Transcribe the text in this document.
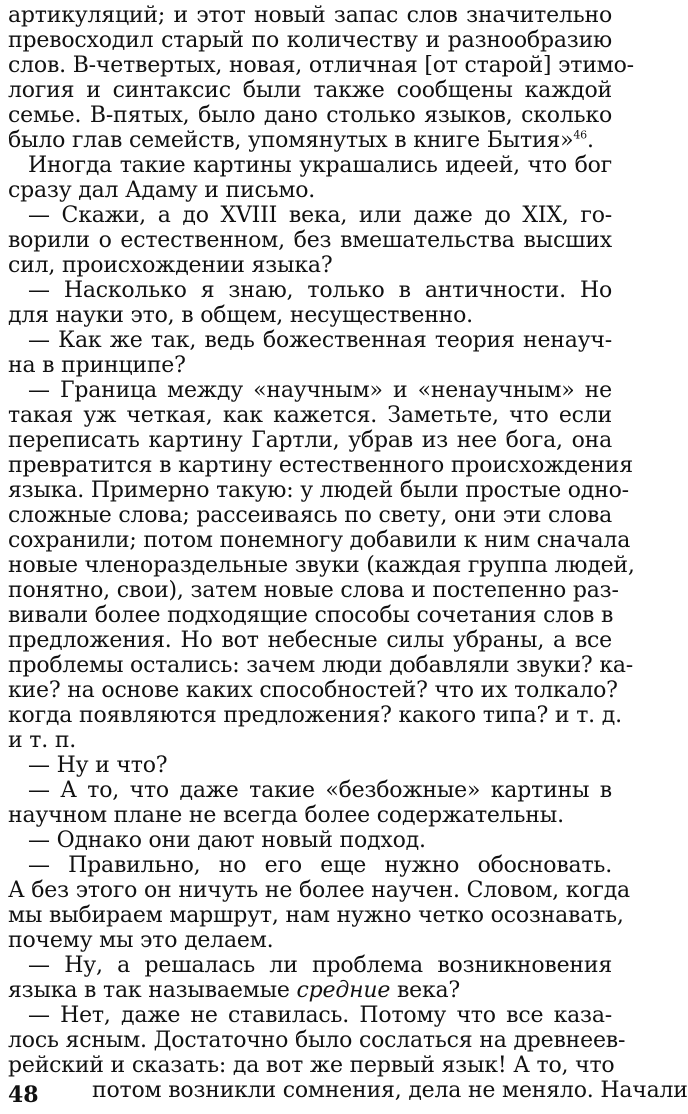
артикуляций; и этот новый запас слов значительно
превосходил старый по количеству и разнообразию
слов. В-четвертых, новая, отличная [от старой] этимо-
логия и синтаксис были также сообщены каждой
семье. В-пятых, было дано столько языков, сколько
было глав семейств, упомянутых в книге Бытия»$^{46}$.
Иногда такие картины украшались идеей, что бог
сразу дал Адаму и письмо.
— Скажи, а до XVIII века, или даже до XIX, го-
ворили о естественном, без вмешательства высших
сил, происхождении языка?
— Насколько я знаю, только в античности. Но
для науки это, в общем, несущественно.
— Как же так, ведь божественная теория ненауч-
на в принципе?
— Граница между «научным» и «ненаучным» не
такая уж четкая, как кажется. Заметьте, что если
переписать картину Гартли, убрав из нее бога, она
превратится в картину естественного происхождения
языка. Примерно такую: у людей были простые одно-
сложные слова; рассеиваясь по свету, они эти слова
сохранили; потом понемногу добавили к ним сначала
новые членораздельные звуки (каждая группа людей,
понятно, свои), затем новые слова и постепенно раз-
вивали более подходящие способы сочетания слов в
предложения. Но вот небесные силы убраны, а все
проблемы остались: зачем люди добавляли звуки? ка-
кие? на основе каких способностей? что их толкало?
когда появляются предложения? какого типа? и т. д.
и т. п.
— Ну и что?
— А то, что даже такие «безбожные» картины в
научном плане не всегда более содержательны.
— Однако они дают новый подход.
— Правильно, но его еще нужно обосновать.
А без этого он ничуть не более научен. Словом, когда
мы выбираем маршрут, нам нужно четко осознавать,
почему мы это делаем.
— Ну, а решалась ли проблема возникновения
языка в так называемые средние века?
— Нет, даже не ставилась. Потому что все каза-
лось ясным. Достаточно было сослаться на древнеев-
рейский и сказать: да вот же первый язык! А то, что
потом возникли сомнения, дела не меняло. Начали
48
